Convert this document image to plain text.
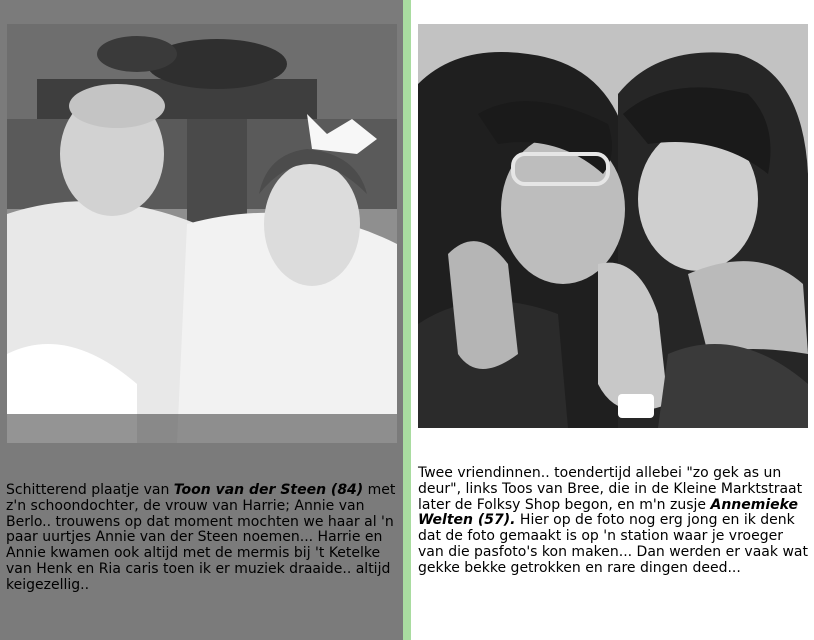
Schitterend plaatje van Toon van der Steen (84) met z'n schoondochter, de vrouw van Harrie; Annie van Berlo.. trouwens op dat moment mochten we haar al 'n paar uurtjes Annie van der Steen noemen... Harrie en Annie kwamen ook altijd met de mermis bij 't Ketelke van Henk en Ria caris toen ik er muziek draaide.. altijd keigezellig..

Twee vriendinnen.. toendertijd allebei "zo gek as un deur", links Toos van Bree, die in de Kleine Marktstraat later de Folksy Shop begon, en m'n zusje Annemieke Welten (57). Hier op de foto nog erg jong en ik denk dat de foto gemaakt is op 'n station waar je vroeger van die pasfoto's kon maken... Dan werden er vaak wat gekke bekke getrokken en rare dingen deed...
